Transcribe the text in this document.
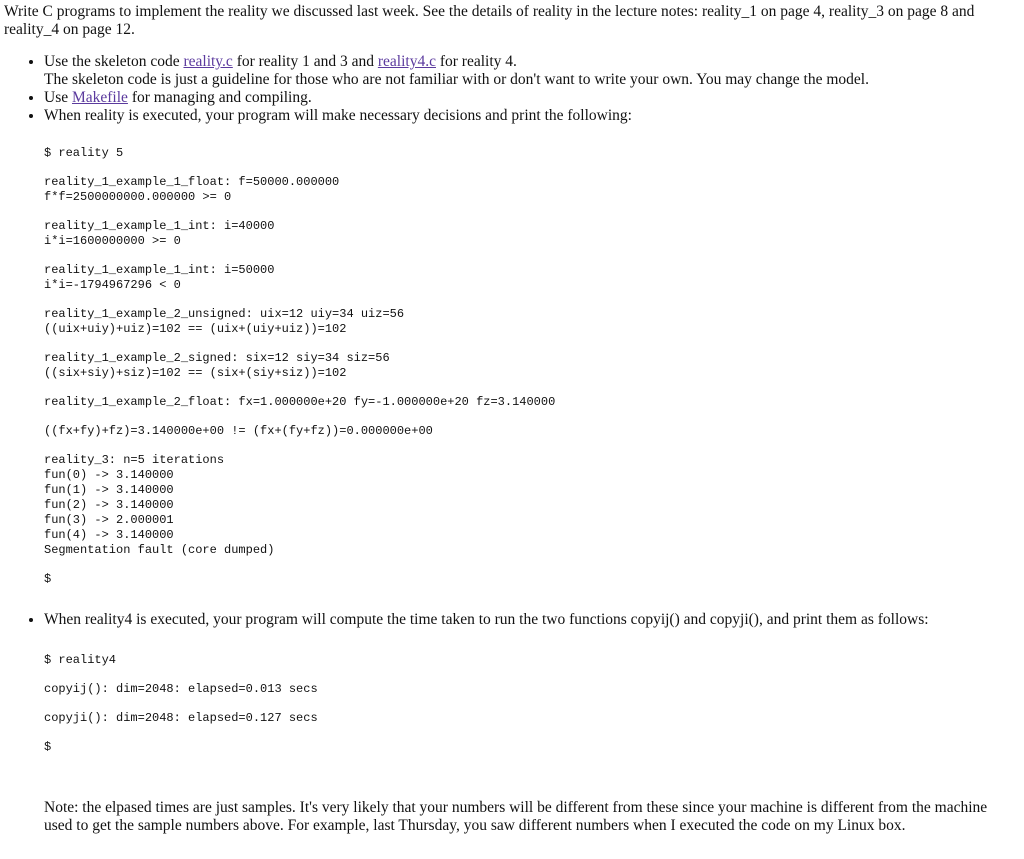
Write C programs to implement the reality we discussed last week. See the details of reality in the lecture notes: reality_1 on page 4, reality_3 on page 8 and reality_4 on page 12.

• Use the skeleton code reality.c for reality 1 and 3 and reality4.c for reality 4.
The skeleton code is just a guideline for those who are not familiar with or don't want to write your own. You may change the model.
• Use Makefile for managing and compiling.
• When reality is executed, your program will make necessary decisions and print the following:
$ reality 5
reality_1_example_1_float: f=50000.000000
f*f=2500000000.000000 >= 0
reality_1_example_1_int: i=40000
i*i=1600000000 >= 0
reality_1_example_1_int: i=50000
i*i=-1794967296 < 0
reality_1_example_2_unsigned: uix=12 uiy=34 uiz=56
((uix+uiy)+uiz)=102 == (uix+(uiy+uiz))=102
reality_1_example_2_signed: six=12 siy=34 siz=56
((six+siy)+siz)=102 == (six+(siy+siz))=102
reality_1_example_2_float: fx=1.000000e+20 fy=-1.000000e+20 fz=3.140000
((fx+fy)+fz)=3.140000e+00 != (fx+(fy+fz))=0.000000e+00
reality_3: n=5 iterations
fun(0) -> 3.140000
fun(1) -> 3.140000
fun(2) -> 3.140000
fun(3) -> 2.000001
fun(4) -> 3.140000
Segmentation fault (core dumped)
$
• When reality4 is executed, your program will compute the time taken to run the two functions copyij() and copyji(), and print them as follows:
$ reality4
copyij(): dim=2048: elapsed=0.013 secs
copyji(): dim=2048: elapsed=0.127 secs
$

Note: the elpased times are just samples. It's very likely that your numbers will be different from these since your machine is different from the machine used to get the sample numbers above. For example, last Thursday, you saw different numbers when I executed the code on my Linux box.
